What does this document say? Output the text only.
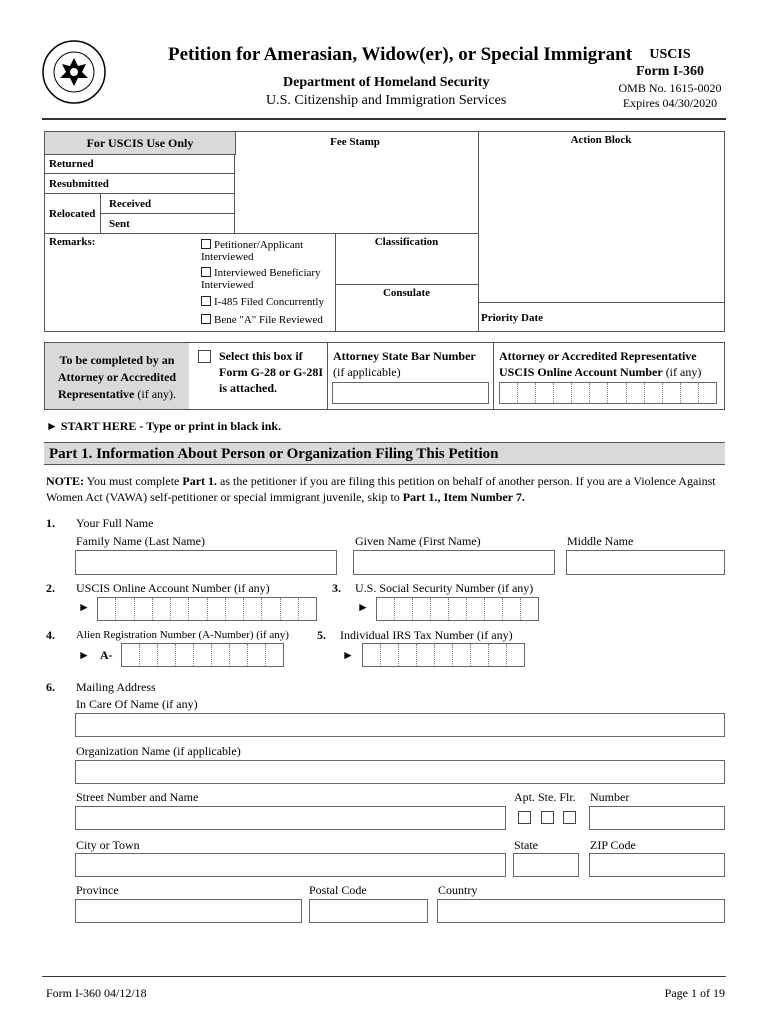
Petition for Amerasian, Widow(er), or Special Immigrant
Department of Homeland Security
U.S. Citizenship and Immigration Services
USCIS
Form I-360
OMB No. 1615-0020
Expires 04/30/2020
For USCIS Use Only
Returned
Resubmitted
Relocated
Received
Sent
Fee Stamp	Action Block
Remarks:	Petitioner/Applicant Interviewed
Interviewed Beneficiary Interviewed
I-485 Filed Concurrently
Bene "A" File Reviewed
Classification
Consulate
Priority Date
To be completed by an Attorney or Accredited Representative (if any).
Select this box if Form G-28 or G-28I is attached.
Attorney State Bar Number
(if applicable)
Attorney or Accredited Representative USCIS Online Account Number (if any)
► START HERE - Type or print in black ink.
Part 1. Information About Person or Organization Filing This Petition
NOTE: You must complete Part 1. as the petitioner if you are filing this petition on behalf of another person. If you are a Violence Against Women Act (VAWA) self-petitioner or special immigrant juvenile, skip to Part 1., Item Number 7.
1. Your Full Name
Family Name (Last Name)	Given Name (First Name)	Middle Name
2. USCIS Online Account Number (if any)
►
3. U.S. Social Security Number (if any)
►
4. Alien Registration Number (A-Number) (if any)
► A-
5. Individual IRS Tax Number (if any)
►
6. Mailing Address
In Care Of Name (if any)
Organization Name (if applicable)
Street Number and Name	Apt. Ste. Flr. Number
City or Town	State	ZIP Code
Province	Postal Code	Country
Form I-360 04/12/18	Page 1 of 19
